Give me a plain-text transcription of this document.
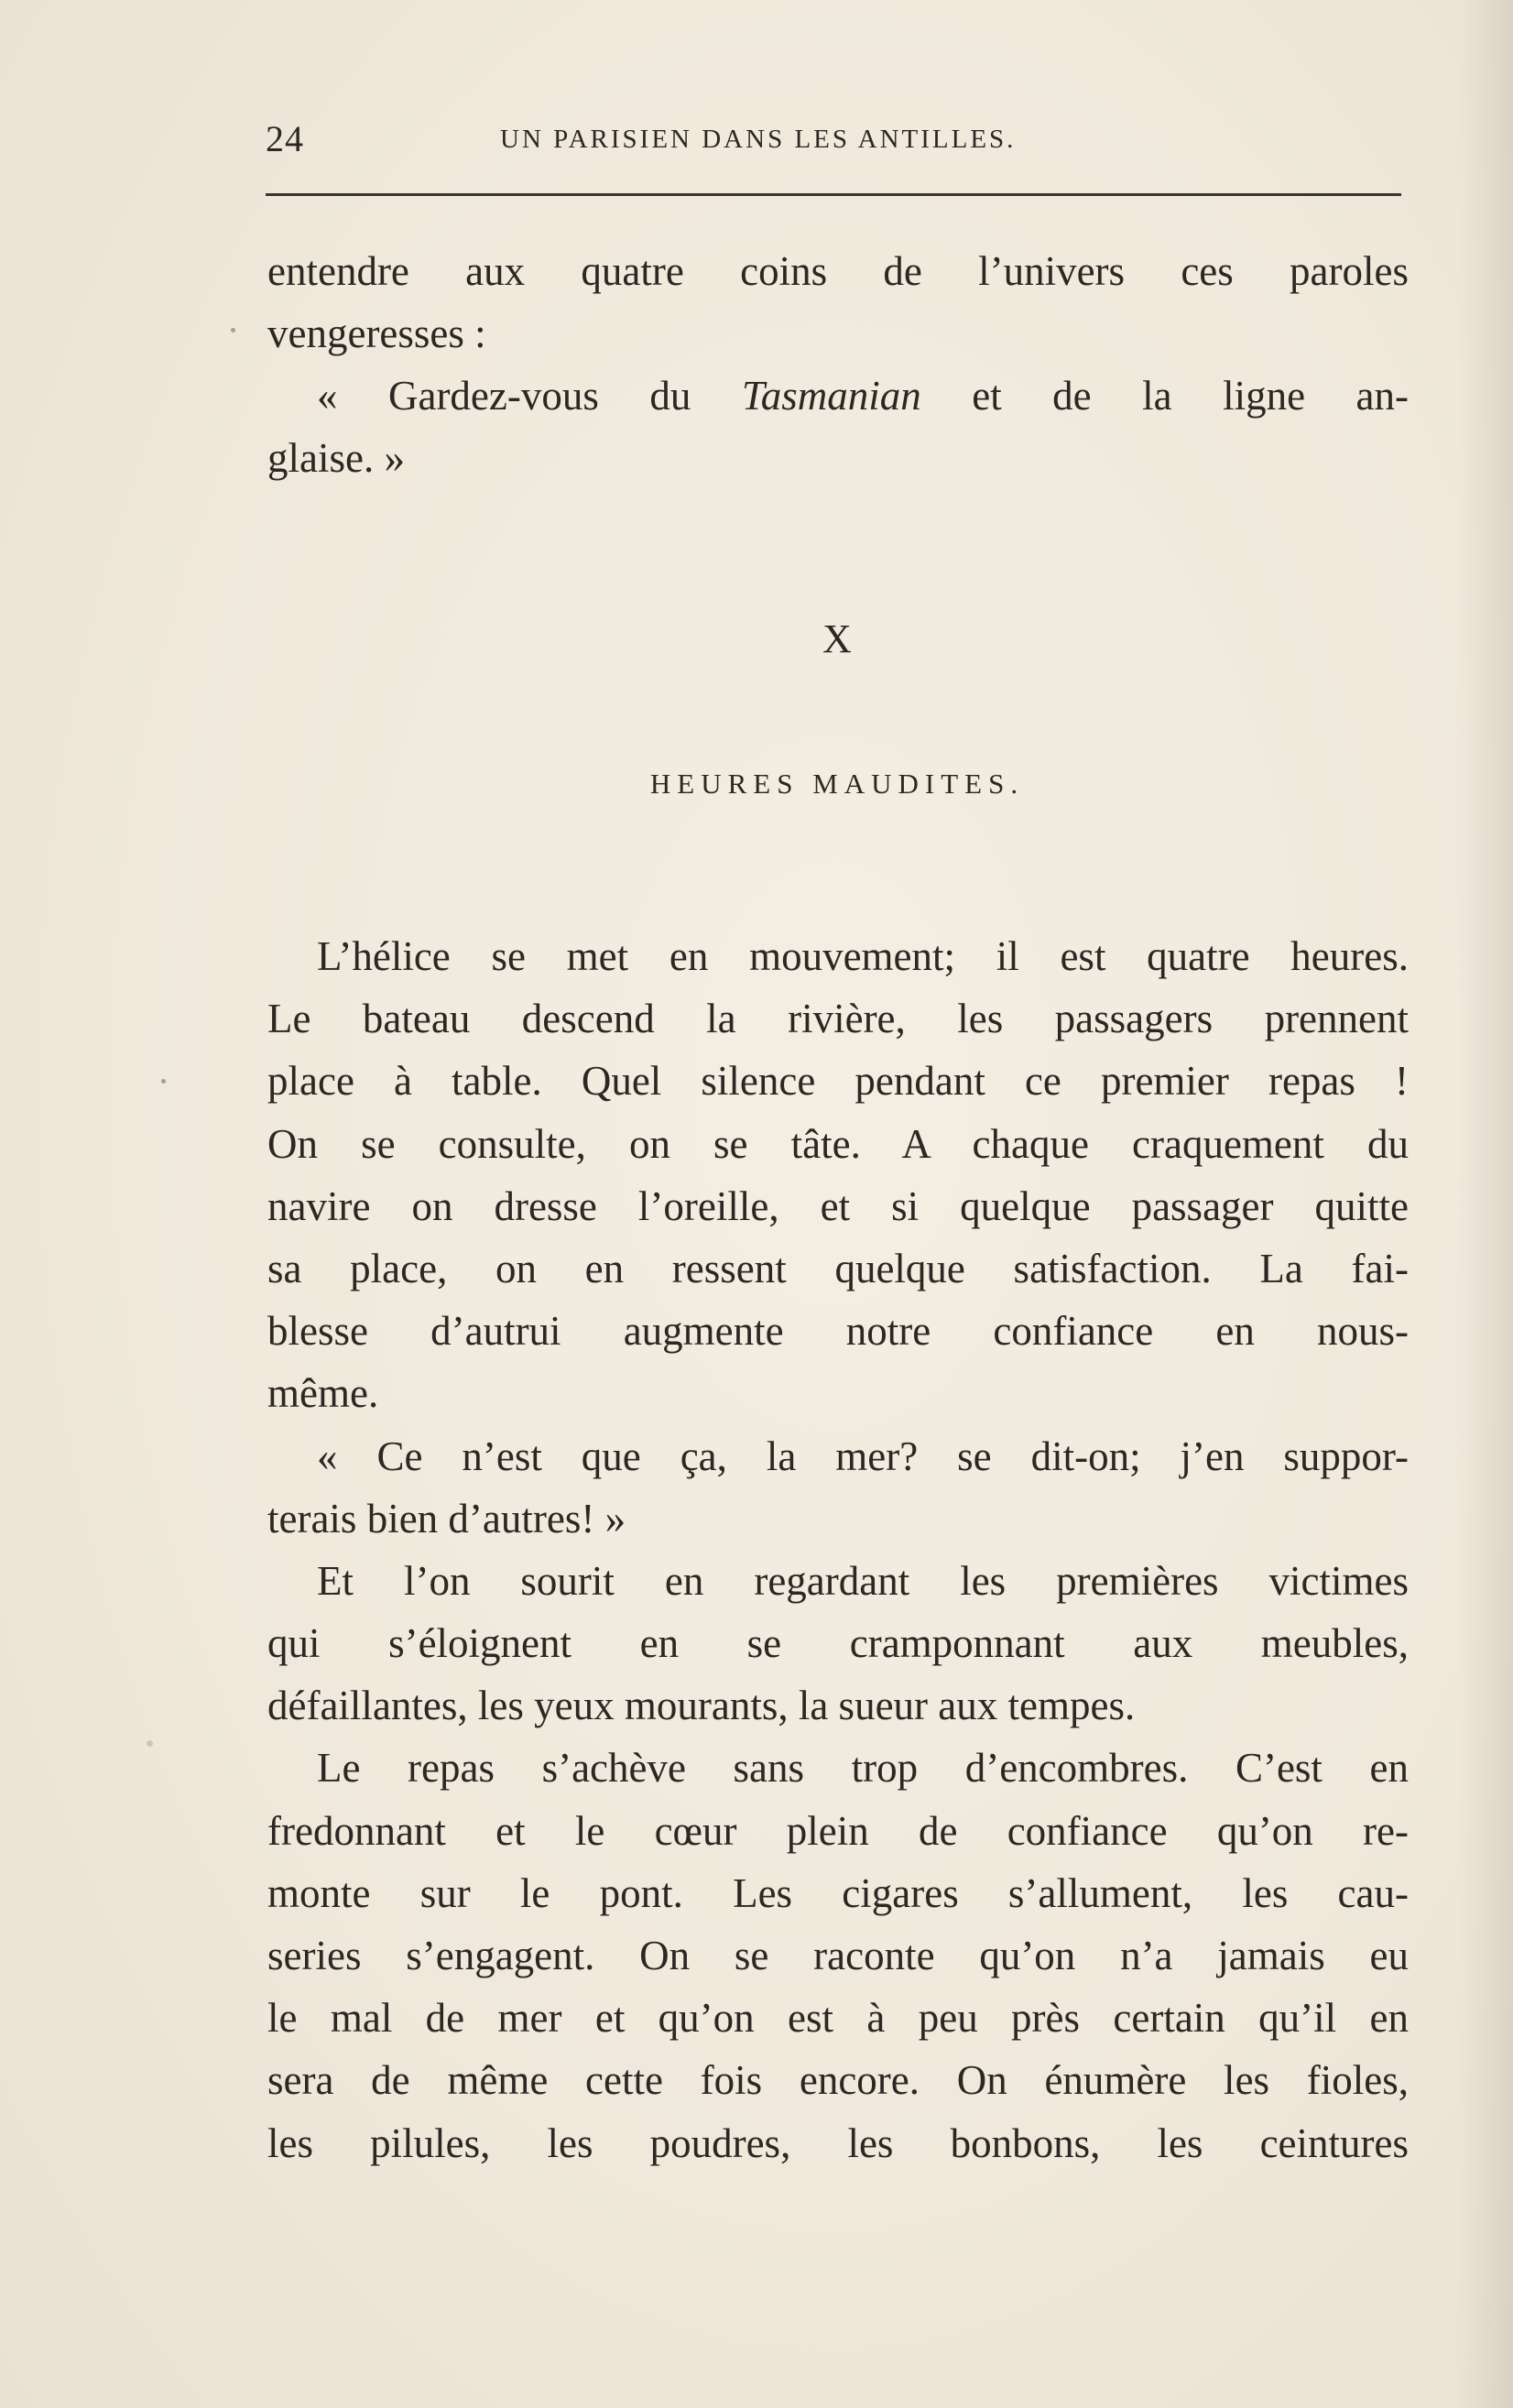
24	UN PARISIEN DANS LES ANTILLES.
entendre aux quatre coins de l’univers ces paroles
vengeresses :
« Gardez-vous du Tasmanian et de la ligne an-
glaise. »
X
HEURES MAUDITES.
L’hélice se met en mouvement; il est quatre heures.
Le bateau descend la rivière, les passagers prennent
place à table. Quel silence pendant ce premier repas !
On se consulte, on se tâte. A chaque craquement du
navire on dresse l’oreille, et si quelque passager quitte
sa place, on en ressent quelque satisfaction. La fai-
blesse d’autrui augmente notre confiance en nous-
même.
« Ce n’est que ça, la mer? se dit-on; j’en suppor-
terais bien d’autres! »
Et l’on sourit en regardant les premières victimes
qui s’éloignent en se cramponnant aux meubles,
défaillantes, les yeux mourants, la sueur aux tempes.
Le repas s’achève sans trop d’encombres. C’est en
fredonnant et le cœur plein de confiance qu’on re-
monte sur le pont. Les cigares s’allument, les cau-
series s’engagent. On se raconte qu’on n’a jamais eu
le mal de mer et qu’on est à peu près certain qu’il en
sera de même cette fois encore. On énumère les fioles,
les pilules, les poudres, les bonbons, les ceintures
